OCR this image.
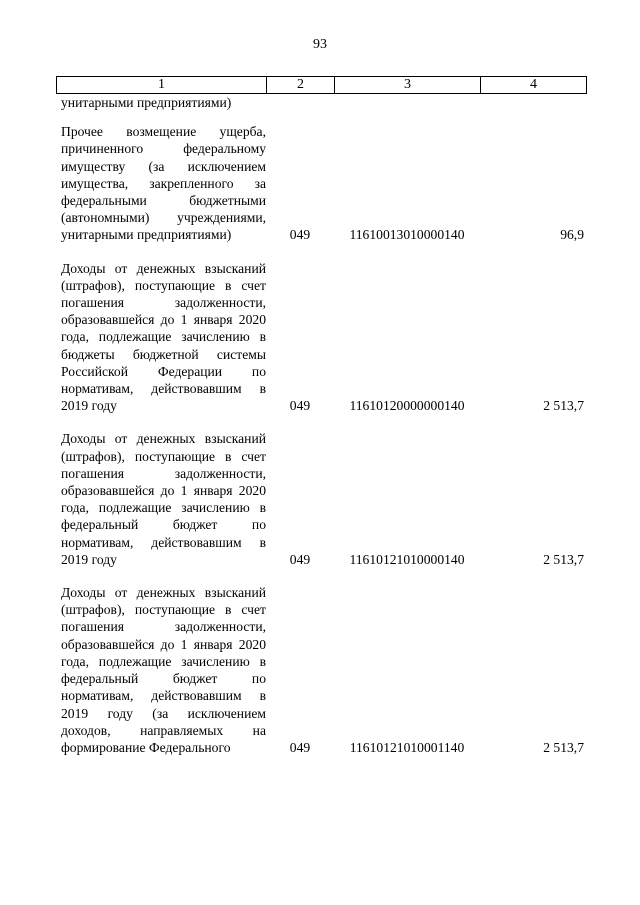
93
1	2	3	4
унитарными предприятиями)
Прочее возмещение ущерба, причиненного федеральному имуществу (за исключением имущества, закрепленного за федеральными бюджетными (автономными) учреждениями, унитарными предприятиями)	049	11610013010000140	96,9
Доходы от денежных взысканий (штрафов), поступающие в счет погашения задолженности, образовавшейся до 1 января 2020 года, подлежащие зачислению в бюджеты бюджетной системы Российской Федерации по нормативам, действовавшим в 2019 году	049	11610120000000140	2 513,7
Доходы от денежных взысканий (штрафов), поступающие в счет погашения задолженности, образовавшейся до 1 января 2020 года, подлежащие зачислению в федеральный бюджет по нормативам, действовавшим в 2019 году	049	11610121010000140	2 513,7
Доходы от денежных взысканий (штрафов), поступающие в счет погашения задолженности, образовавшейся до 1 января 2020 года, подлежащие зачислению в федеральный бюджет по нормативам, действовавшим в 2019 году (за исключением доходов, направляемых на формирование Федерального	049	11610121010001140	2 513,7
